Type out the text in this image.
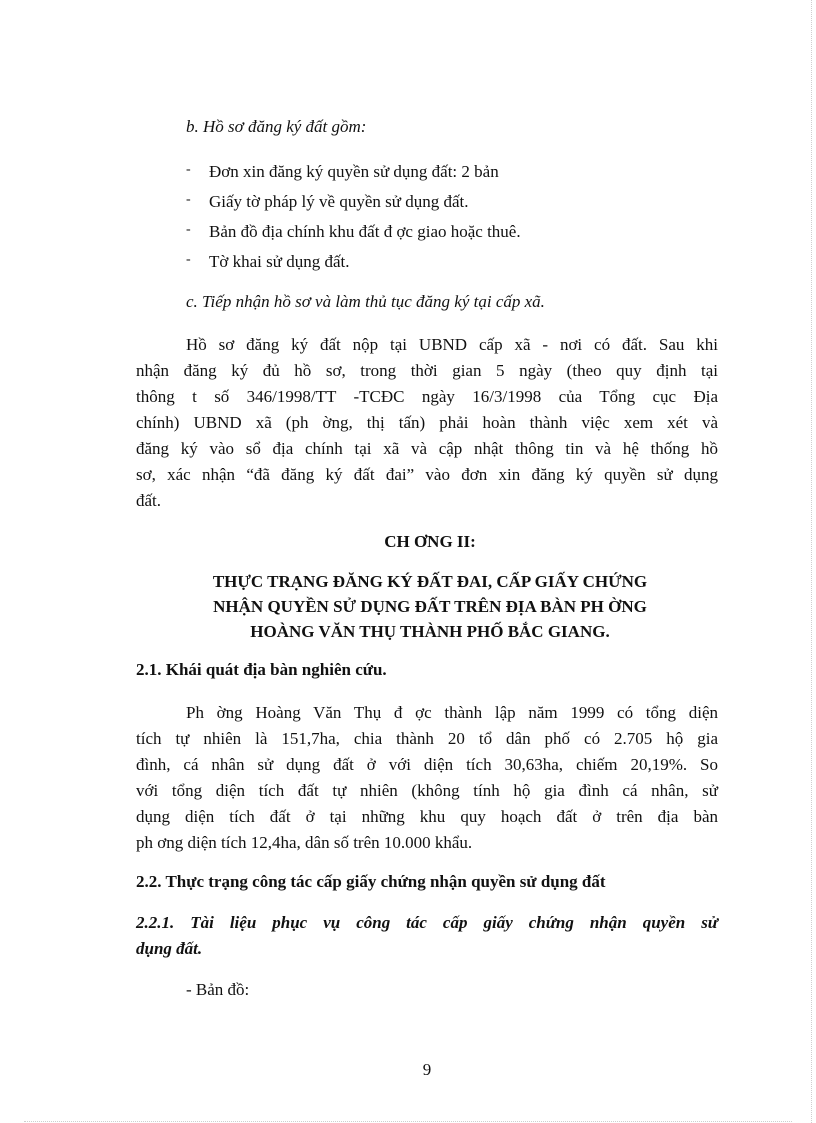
b. Hồ sơ đăng ký đất gồm:
- Đơn xin đăng ký quyền sử dụng đất: 2 bản
- Giấy tờ pháp lý về quyền sử dụng đất.
- Bản đồ địa chính khu đất đ ợc giao hoặc thuê.
- Tờ khai sử dụng đất.
c. Tiếp nhận hồ sơ và làm thủ tục đăng ký tại cấp xã.
Hồ sơ đăng ký đất nộp tại UBND cấp xã - nơi có đất. Sau khi
nhận đăng ký đủ hồ sơ, trong thời gian 5 ngày (theo quy định tại
thông t số 346/1998/TT -TCĐC ngày 16/3/1998 của Tổng cục Địa
chính) UBND xã (ph ờng, thị tấn) phải hoàn thành việc xem xét và
đăng ký vào sổ địa chính tại xã và cập nhật thông tin và hệ thống hồ
sơ, xác nhận “đã đăng ký đất đai” vào đơn xin đăng ký quyền sử dụng
đất.
CH ƠNG II:
THỰC TRẠNG ĐĂNG KÝ ĐẤT ĐAI, CẤP GIẤY CHỨNG
NHẬN QUYỀN SỬ DỤNG ĐẤT TRÊN ĐỊA BÀN PH ỜNG
HOÀNG VĂN THỤ THÀNH PHỐ BẮC GIANG.
2.1. Khái quát địa bàn nghiên cứu.
Ph ờng Hoàng Văn Thụ đ ợc thành lập năm 1999 có tổng diện
tích tự nhiên là 151,7ha, chia thành 20 tổ dân phố có 2.705 hộ gia
đình, cá nhân sử dụng đất ở với diện tích 30,63ha, chiếm 20,19%. So
với tổng diện tích đất tự nhiên (không tính hộ gia đình cá nhân, sử
dụng diện tích đất ở tại những khu quy hoạch đất ở trên địa bàn
ph ơng diện tích 12,4ha, dân số trên 10.000 khẩu.
2.2. Thực trạng công tác cấp giấy chứng nhận quyền sử dụng đất
2.2.1. Tài liệu phục vụ công tác cấp giấy chứng nhận quyền sử
dụng đất.
- Bản đồ:
9
